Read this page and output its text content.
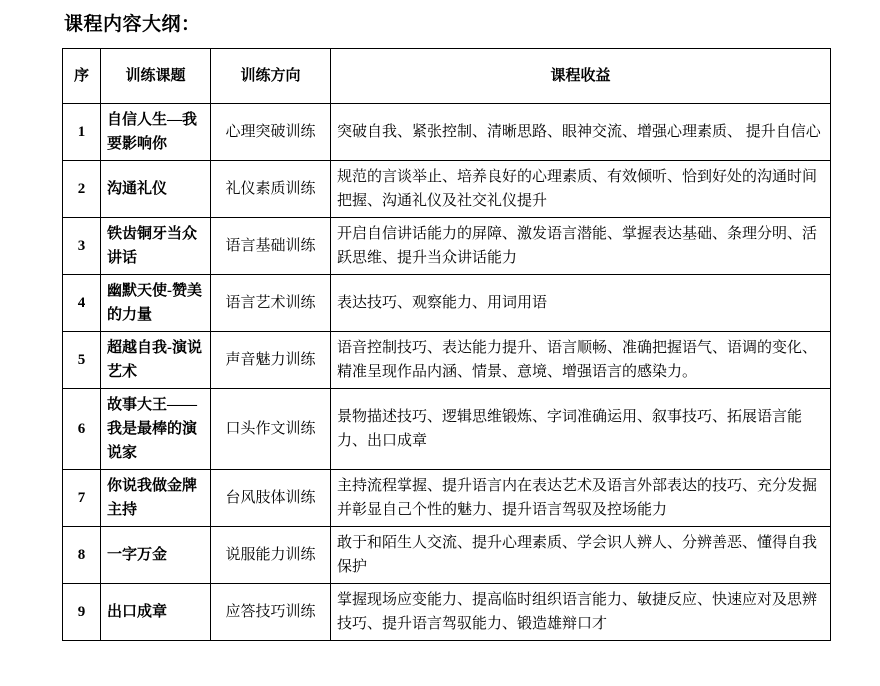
课程内容大纲：
序	训练课题	训练方向	课程收益
1	自信人生—我要影响你	心理突破训练	突破自我、紧张控制、清晰思路、眼神交流、增强心理素质、 提升自信心
2	沟通礼仪	礼仪素质训练	规范的言谈举止、培养良好的心理素质、有效倾听、恰到好处的沟通时间把握、沟通礼仪及社交礼仪提升
3	铁齿铜牙当众讲话	语言基础训练	开启自信讲话能力的屏障、激发语言潜能、掌握表达基础、条理分明、活跃思维、提升当众讲话能力
4	幽默天使-赞美的力量	语言艺术训练	表达技巧、观察能力、用词用语
5	超越自我-演说艺术	声音魅力训练	语音控制技巧、表达能力提升、语言顺畅、准确把握语气、语调的变化、精准呈现作品内涵、情景、意境、增强语言的感染力。
6	故事大王——我是最棒的演说家	口头作文训练	景物描述技巧、逻辑思维锻炼、字词准确运用、叙事技巧、拓展语言能力、出口成章
7	你说我做金牌主持	台风肢体训练	主持流程掌握、提升语言内在表达艺术及语言外部表达的技巧、充分发掘并彰显自己个性的魅力、提升语言驾驭及控场能力
8	一字万金	说服能力训练	敢于和陌生人交流、提升心理素质、学会识人辨人、分辨善恶、懂得自我保护
9	出口成章	应答技巧训练	掌握现场应变能力、提高临时组织语言能力、敏捷反应、快速应对及思辨技巧、提升语言驾驭能力、锻造雄辩口才
